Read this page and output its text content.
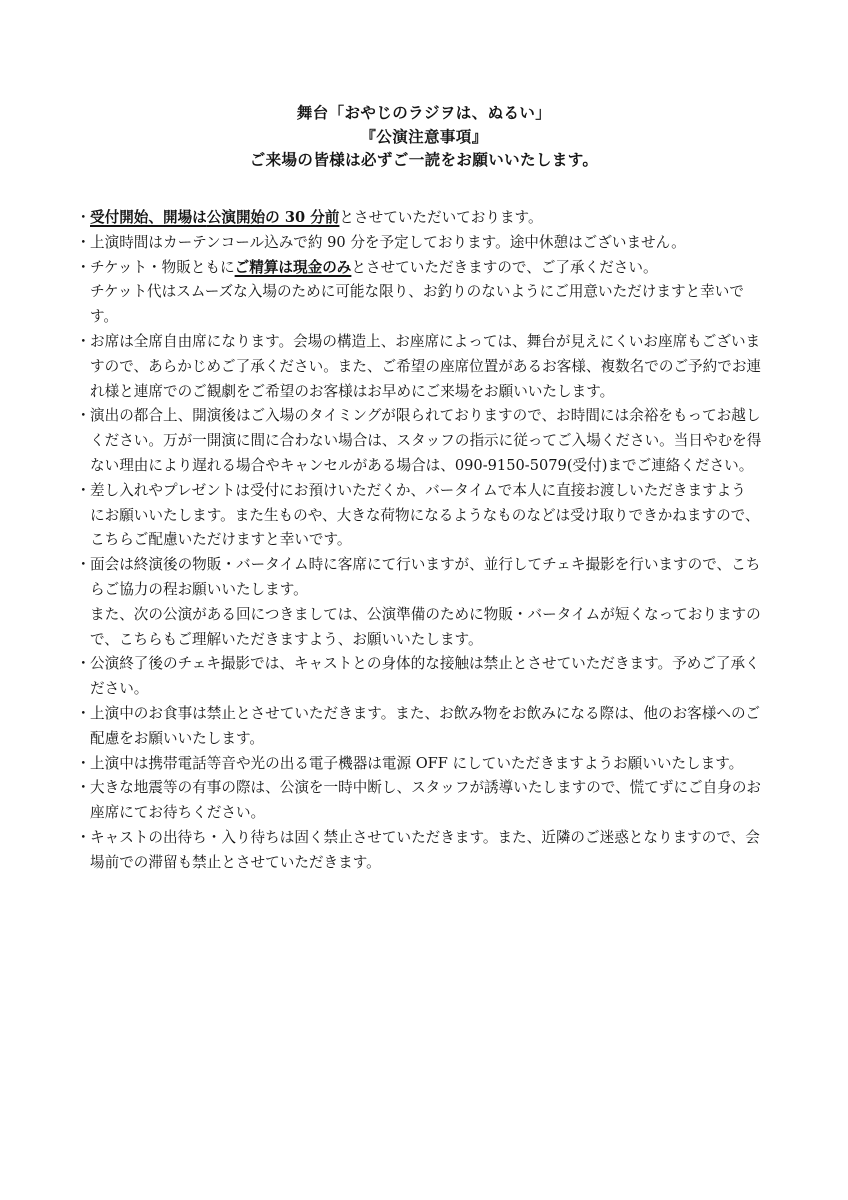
舞台「おやじのラジヲは、ぬるい」
『公演注意事項』
ご来場の皆様は必ずご一読をお願いいたします。
・ 受付開始、開場は公演開始の 30 分前とさせていただいております。
・ 上演時間はカーテンコール込みで約 90 分を予定しております。途中休憩はございません。
・ チケット・物販ともにご精算は現金のみとさせていただきますので、ご了承ください。
チケット代はスムーズな入場のために可能な限り、お釣りのないようにご用意いただけますと幸いで
す。
・ お席は全席自由席になります。会場の構造上、お座席によっては、舞台が見えにくいお座席もございま
すので、あらかじめご了承ください。また、ご希望の座席位置があるお客様、複数名でのご予約でお連
れ様と連席でのご観劇をご希望のお客様はお早めにご来場をお願いいたします。
・ 演出の都合上、開演後はご入場のタイミングが限られておりますので、お時間には余裕をもってお越し
ください。万が一開演に間に合わない場合は、スタッフの指示に従ってご入場ください。当日やむを得
ない理由により遅れる場合やキャンセルがある場合は、090-9150-5079(受付)までご連絡ください。
・ 差し入れやプレゼントは受付にお預けいただくか、バータイムで本人に直接お渡しいただきますよう
にお願いいたします。また生ものや、大きな荷物になるようなものなどは受け取りできかねますので、
こちらご配慮いただけますと幸いです。
・ 面会は終演後の物販・バータイム時に客席にて行いますが、並行してチェキ撮影を行いますので、こち
らご協力の程お願いいたします。
また、次の公演がある回につきましては、公演準備のために物販・バータイムが短くなっておりますの
で、こちらもご理解いただきますよう、お願いいたします。
・ 公演終了後のチェキ撮影では、キャストとの身体的な接触は禁止とさせていただきます。予めご了承く
ださい。
・ 上演中のお食事は禁止とさせていただきます。また、お飲み物をお飲みになる際は、他のお客様へのご
配慮をお願いいたします。
・ 上演中は携帯電話等音や光の出る電子機器は電源 OFF にしていただきますようお願いいたします。
・ 大きな地震等の有事の際は、公演を一時中断し、スタッフが誘導いたしますので、慌てずにご自身のお
座席にてお待ちください。
・ キャストの出待ち・入り待ちは固く禁止させていただきます。また、近隣のご迷惑となりますので、会
場前での滞留も禁止とさせていただきます。
